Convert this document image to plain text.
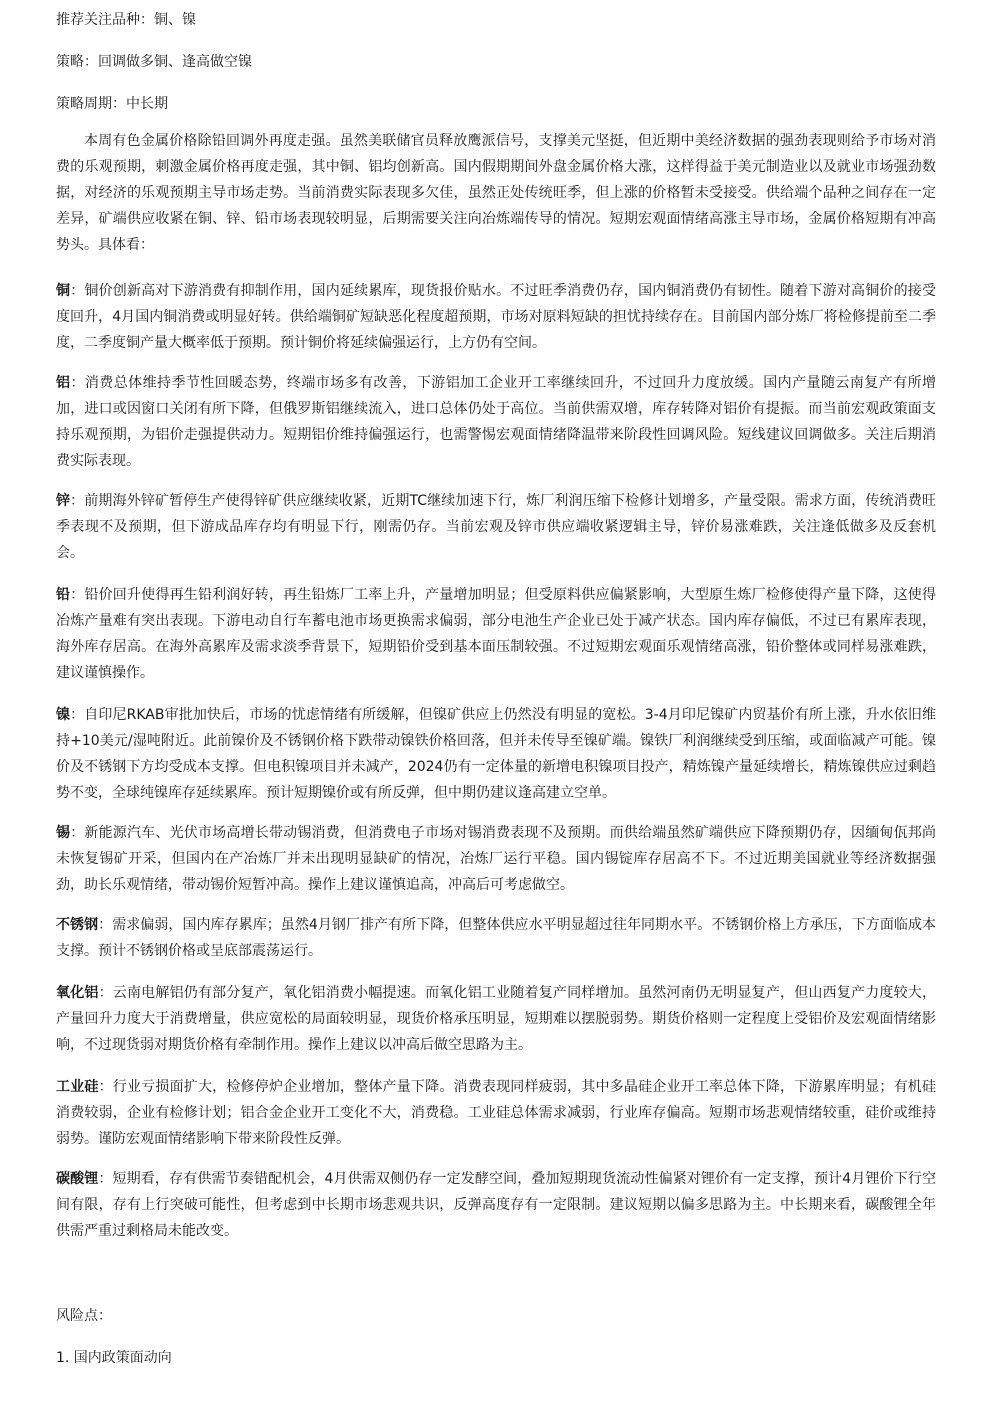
推荐关注品种：铜、镍
策略：回调做多铜、逢高做空镍
策略周期：中长期
本周有色金属价格除铅回调外再度走强。虽然美联储官员释放鹰派信号，支撑美元坚挺，但近期中美经济数据的强劲表现则给予市场对消费的乐观预期，刺激金属价格再度走强，其中铜、铝均创新高。国内假期期间外盘金属价格大涨，这样得益于美元制造业以及就业市场强劲数据，对经济的乐观预期主导市场走势。当前消费实际表现多欠佳，虽然正处传统旺季，但上涨的价格暂未受接受。供给端个品种之间存在一定差异，矿端供应收紧在铜、锌、铅市场表现较明显，后期需要关注向冶炼端传导的情况。短期宏观面情绪高涨主导市场，金属价格短期有冲高势头。具体看：
铜：铜价创新高对下游消费有抑制作用，国内延续累库，现货报价贴水。不过旺季消费仍存，国内铜消费仍有韧性。随着下游对高铜价的接受度回升，4月国内铜消费或明显好转。供给端铜矿短缺恶化程度超预期，市场对原料短缺的担忧持续存在。目前国内部分炼厂将检修提前至二季度，二季度铜产量大概率低于预期。预计铜价将延续偏强运行，上方仍有空间。
铝：消费总体维持季节性回暖态势，终端市场多有改善，下游铝加工企业开工率继续回升，不过回升力度放缓。国内产量随云南复产有所增加，进口或因窗口关闭有所下降，但俄罗斯铝继续流入，进口总体仍处于高位。当前供需双增，库存转降对铝价有提振。而当前宏观政策面支持乐观预期，为铝价走强提供动力。短期铝价维持偏强运行，也需警惕宏观面情绪降温带来阶段性回调风险。短线建议回调做多。关注后期消费实际表现。
锌：前期海外锌矿暂停生产使得锌矿供应继续收紧，近期TC继续加速下行，炼厂利润压缩下检修计划增多，产量受限。需求方面，传统消费旺季表现不及预期，但下游成品库存均有明显下行，刚需仍存。当前宏观及锌市供应端收紧逻辑主导，锌价易涨难跌，关注逢低做多及反套机会。
铅：铅价回升使得再生铅利润好转，再生铅炼厂工率上升，产量增加明显；但受原料供应偏紧影响，大型原生炼厂检修使得产量下降，这使得冶炼产量难有突出表现。下游电动自行车蓄电池市场更换需求偏弱，部分电池生产企业已处于减产状态。国内库存偏低，不过已有累库表现，海外库存居高。在海外高累库及需求淡季背景下，短期铅价受到基本面压制较强。不过短期宏观面乐观情绪高涨，铅价整体或同样易涨难跌，建议谨慎操作。
镍：自印尼RKAB审批加快后，市场的忧虑情绪有所缓解，但镍矿供应上仍然没有明显的宽松。3-4月印尼镍矿内贸基价有所上涨，升水依旧维持+10美元/湿吨附近。此前镍价及不锈钢价格下跌带动镍铁价格回落，但并未传导至镍矿端。镍铁厂利润继续受到压缩，或面临减产可能。镍价及不锈钢下方均受成本支撑。但电积镍项目并未减产，2024仍有一定体量的新增电积镍项目投产，精炼镍产量延续增长，精炼镍供应过剩趋势不变，全球纯镍库存延续累库。预计短期镍价或有所反弹，但中期仍建议逢高建立空单。
锡：新能源汽车、光伏市场高增长带动锡消费，但消费电子市场对锡消费表现不及预期。而供给端虽然矿端供应下降预期仍存，因缅甸佤邦尚未恢复锡矿开采，但国内在产冶炼厂并未出现明显缺矿的情况，冶炼厂运行平稳。国内锡锭库存居高不下。不过近期美国就业等经济数据强劲，助长乐观情绪，带动锡价短暂冲高。操作上建议谨慎追高，冲高后可考虑做空。
不锈钢：需求偏弱，国内库存累库；虽然4月钢厂排产有所下降，但整体供应水平明显超过往年同期水平。不锈钢价格上方承压，下方面临成本支撑。预计不锈钢价格或呈底部震荡运行。
氧化铝：云南电解铝仍有部分复产，氧化铝消费小幅提速。而氧化铝工业随着复产同样增加。虽然河南仍无明显复产，但山西复产力度较大，产量回升力度大于消费增量，供应宽松的局面较明显，现货价格承压明显，短期难以摆脱弱势。期货价格则一定程度上受铝价及宏观面情绪影响，不过现货弱对期货价格有牵制作用。操作上建议以冲高后做空思路为主。
工业硅：行业亏损面扩大，检修停炉企业增加，整体产量下降。消费表现同样疲弱，其中多晶硅企业开工率总体下降，下游累库明显；有机硅消费较弱，企业有检修计划；铝合金企业开工变化不大，消费稳。工业硅总体需求减弱，行业库存偏高。短期市场悲观情绪较重，硅价或维持弱势。谨防宏观面情绪影响下带来阶段性反弹。
碳酸锂：短期看，存有供需节奏错配机会，4月供需双侧仍存一定发酵空间，叠加短期现货流动性偏紧对锂价有一定支撑，预计4月锂价下行空间有限，存有上行突破可能性，但考虑到中长期市场悲观共识，反弹高度存有一定限制。建议短期以偏多思路为主。中长期来看，碳酸锂全年供需严重过剩格局未能改变。
风险点：
1. 国内政策面动向
